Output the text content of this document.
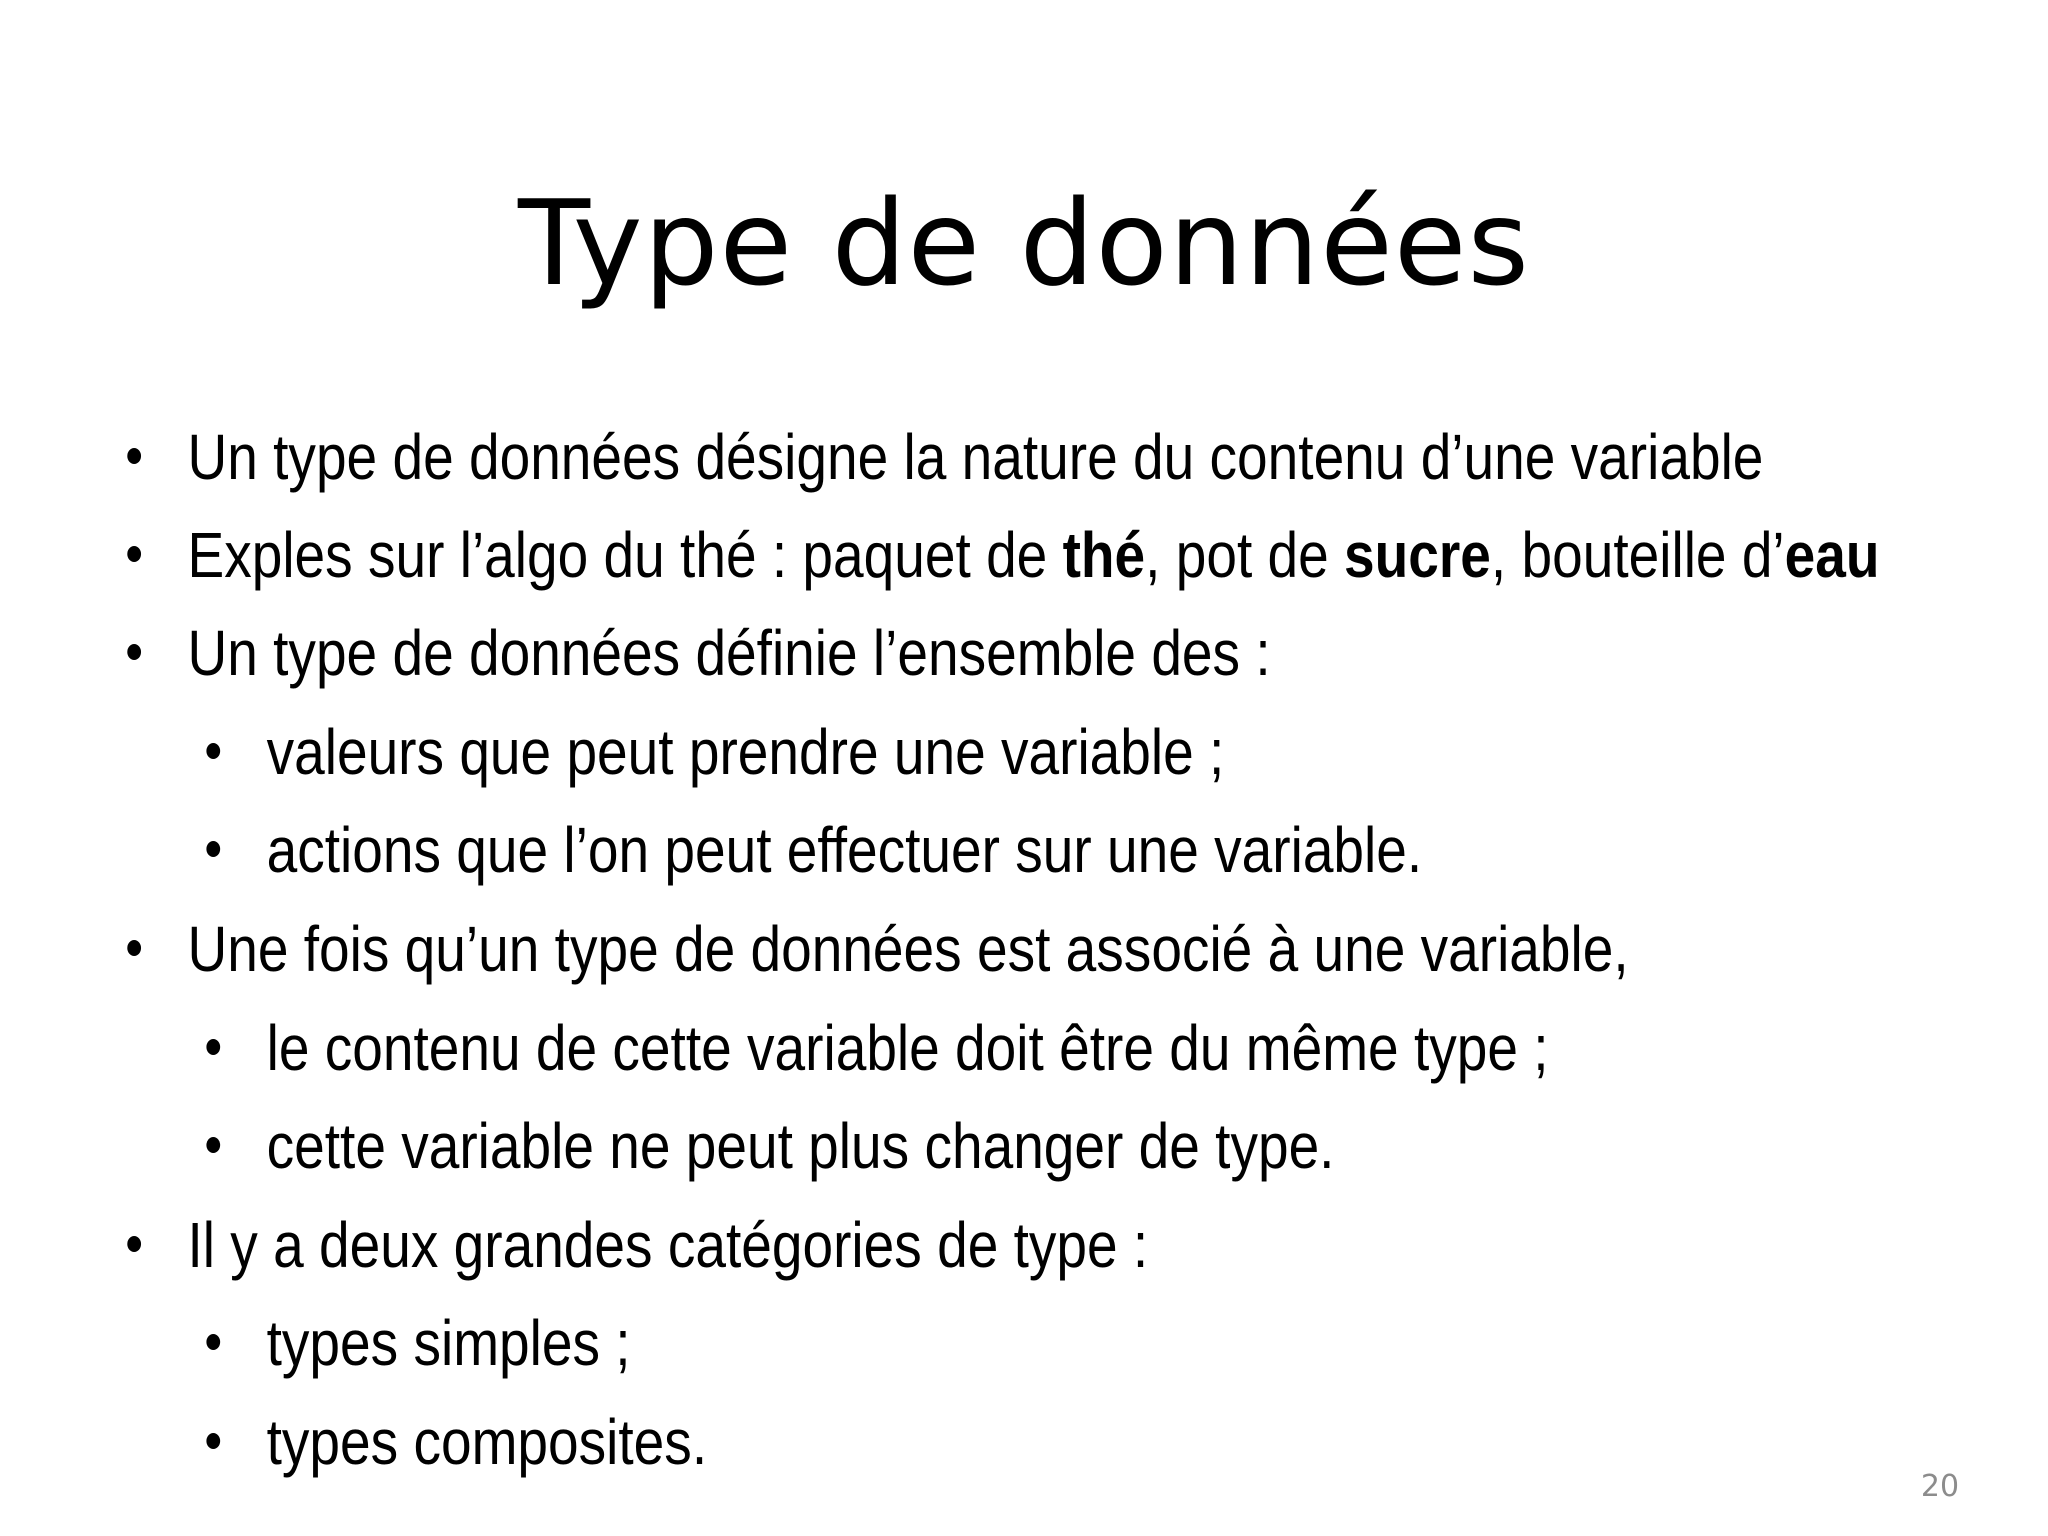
Type de données
Un type de données désigne la nature du contenu d’une variable
Exples sur l’algo du thé : paquet de thé, pot de sucre, bouteille d’eau
Un type de données définie l’ensemble des :
valeurs que peut prendre une variable ;
actions que l’on peut effectuer sur une variable.
Une fois qu’un type de données est associé à une variable,
le contenu de cette variable doit être du même type ;
cette variable ne peut plus changer de type.
Il y a deux grandes catégories de type :
types simples ;
types composites.
20
